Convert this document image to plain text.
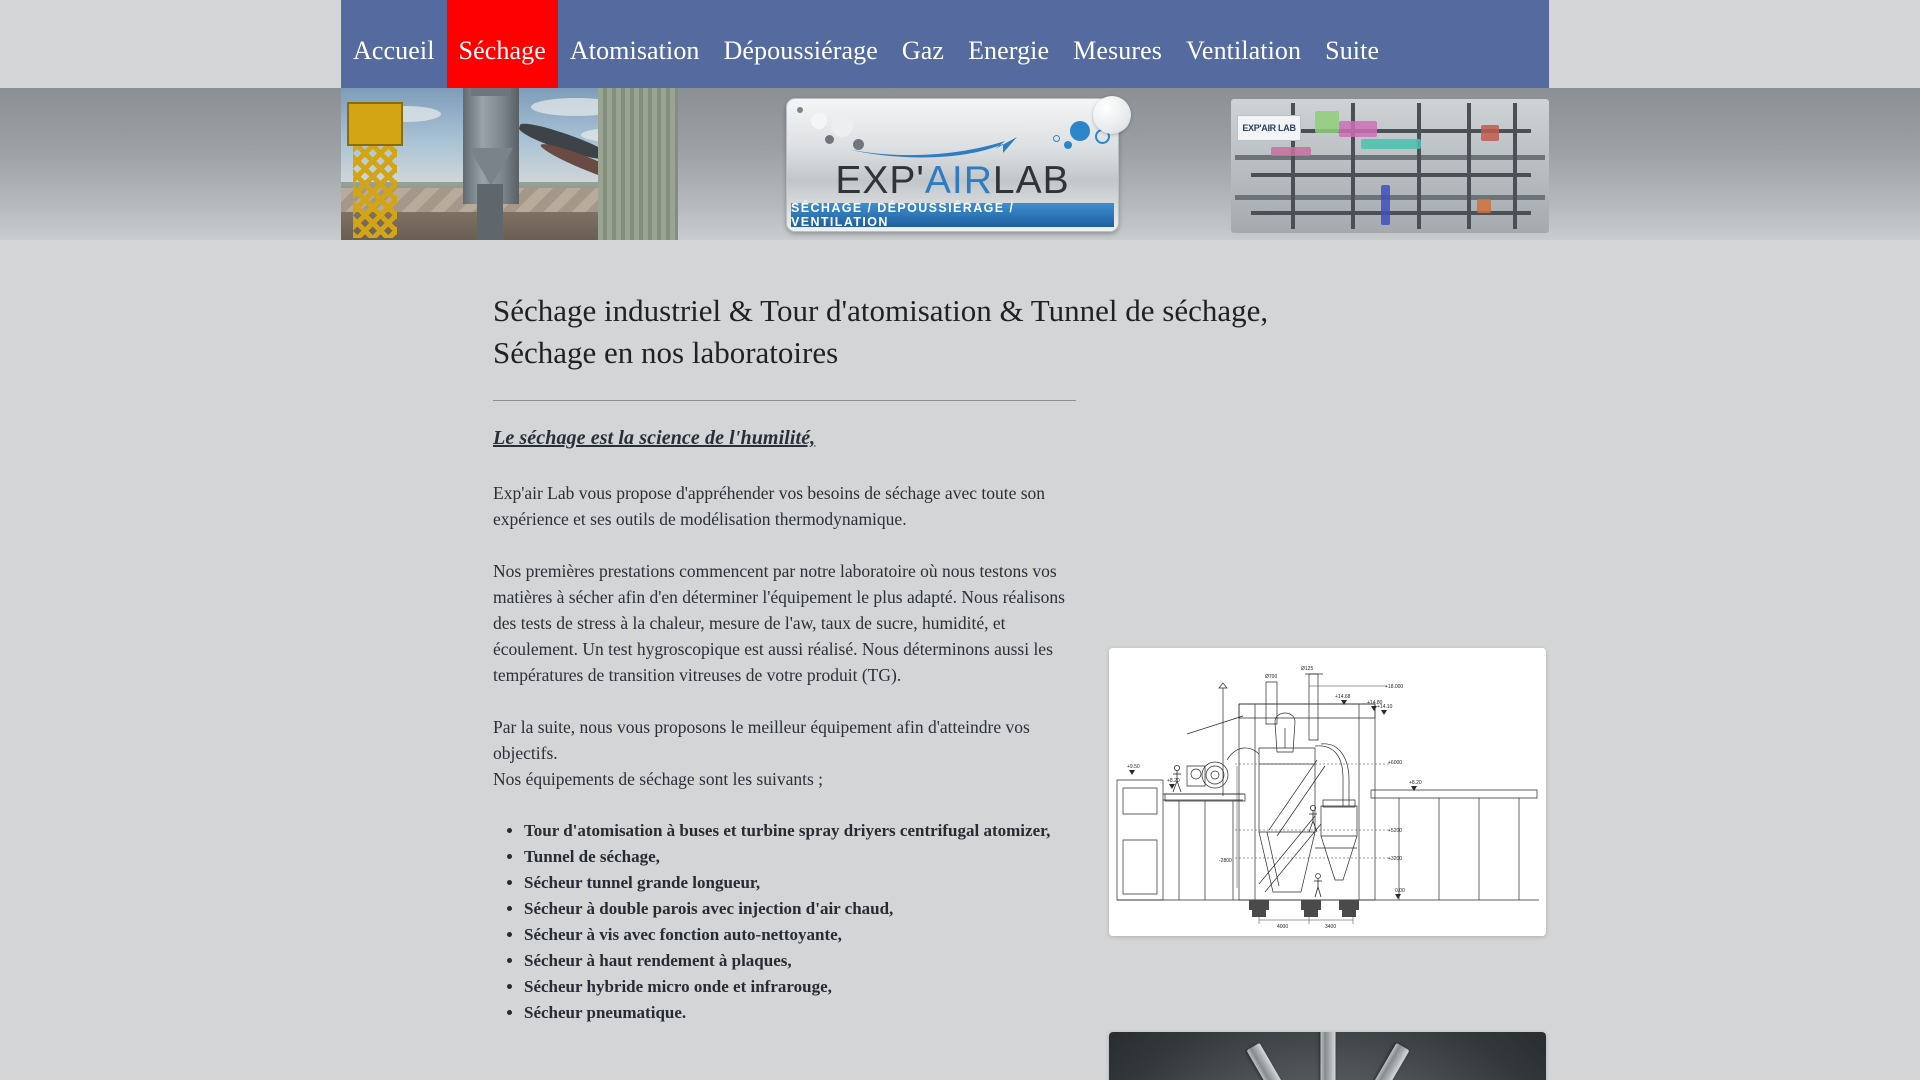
Accueil Séchage Atomisation Dépoussiérage Gaz Energie Mesures Ventilation Suite
EXP'AIR LAB
EXP' AIR LAB
SÉCHAGE / DÉPOUSSIÉRAGE / VENTILATION
Séchage industriel & Tour d'atomisation & Tunnel de séchage,
Séchage en nos laboratoires

Le séchage est la science de l'humilité,

Exp'air Lab vous propose d'appréhender vos besoins de séchage avec toute son expérience et ses outils de modélisation thermodynamique.

Nos premières prestations commencent par notre laboratoire où nous testons vos matières à sécher afin d'en déterminer l'équipement le plus adapté. Nous réalisons des tests de stress à la chaleur, mesure de l'aw, taux de sucre, humidité, et écoulement. Un test hygroscopique est aussi réalisé. Nous déterminons aussi les températures de transition vitreuses de votre produit (TG).

Par la suite, nous vous proposons le meilleur équipement afin d'atteindre vos objectifs.

Nos équipements de séchage sont les suivants ;

• Tour d'atomisation à buses et turbine spray driyers centrifugal atomizer,
• Tunnel de séchage,
• Sécheur tunnel grande longueur,
• Sécheur à double parois avec injection d'air chaud,
• Sécheur à vis avec fonction auto-nettoyante,
• Sécheur à haut rendement à plaques,
• Sécheur hybride micro onde et infrarouge,
• Sécheur pneumatique.
+14.68
+14.80
+14.10
+18.000
+9.50
+8.20	+8.20
0.00
+6000
+5200
+3200
-2800
Ø700
Ø125
4000	3400
